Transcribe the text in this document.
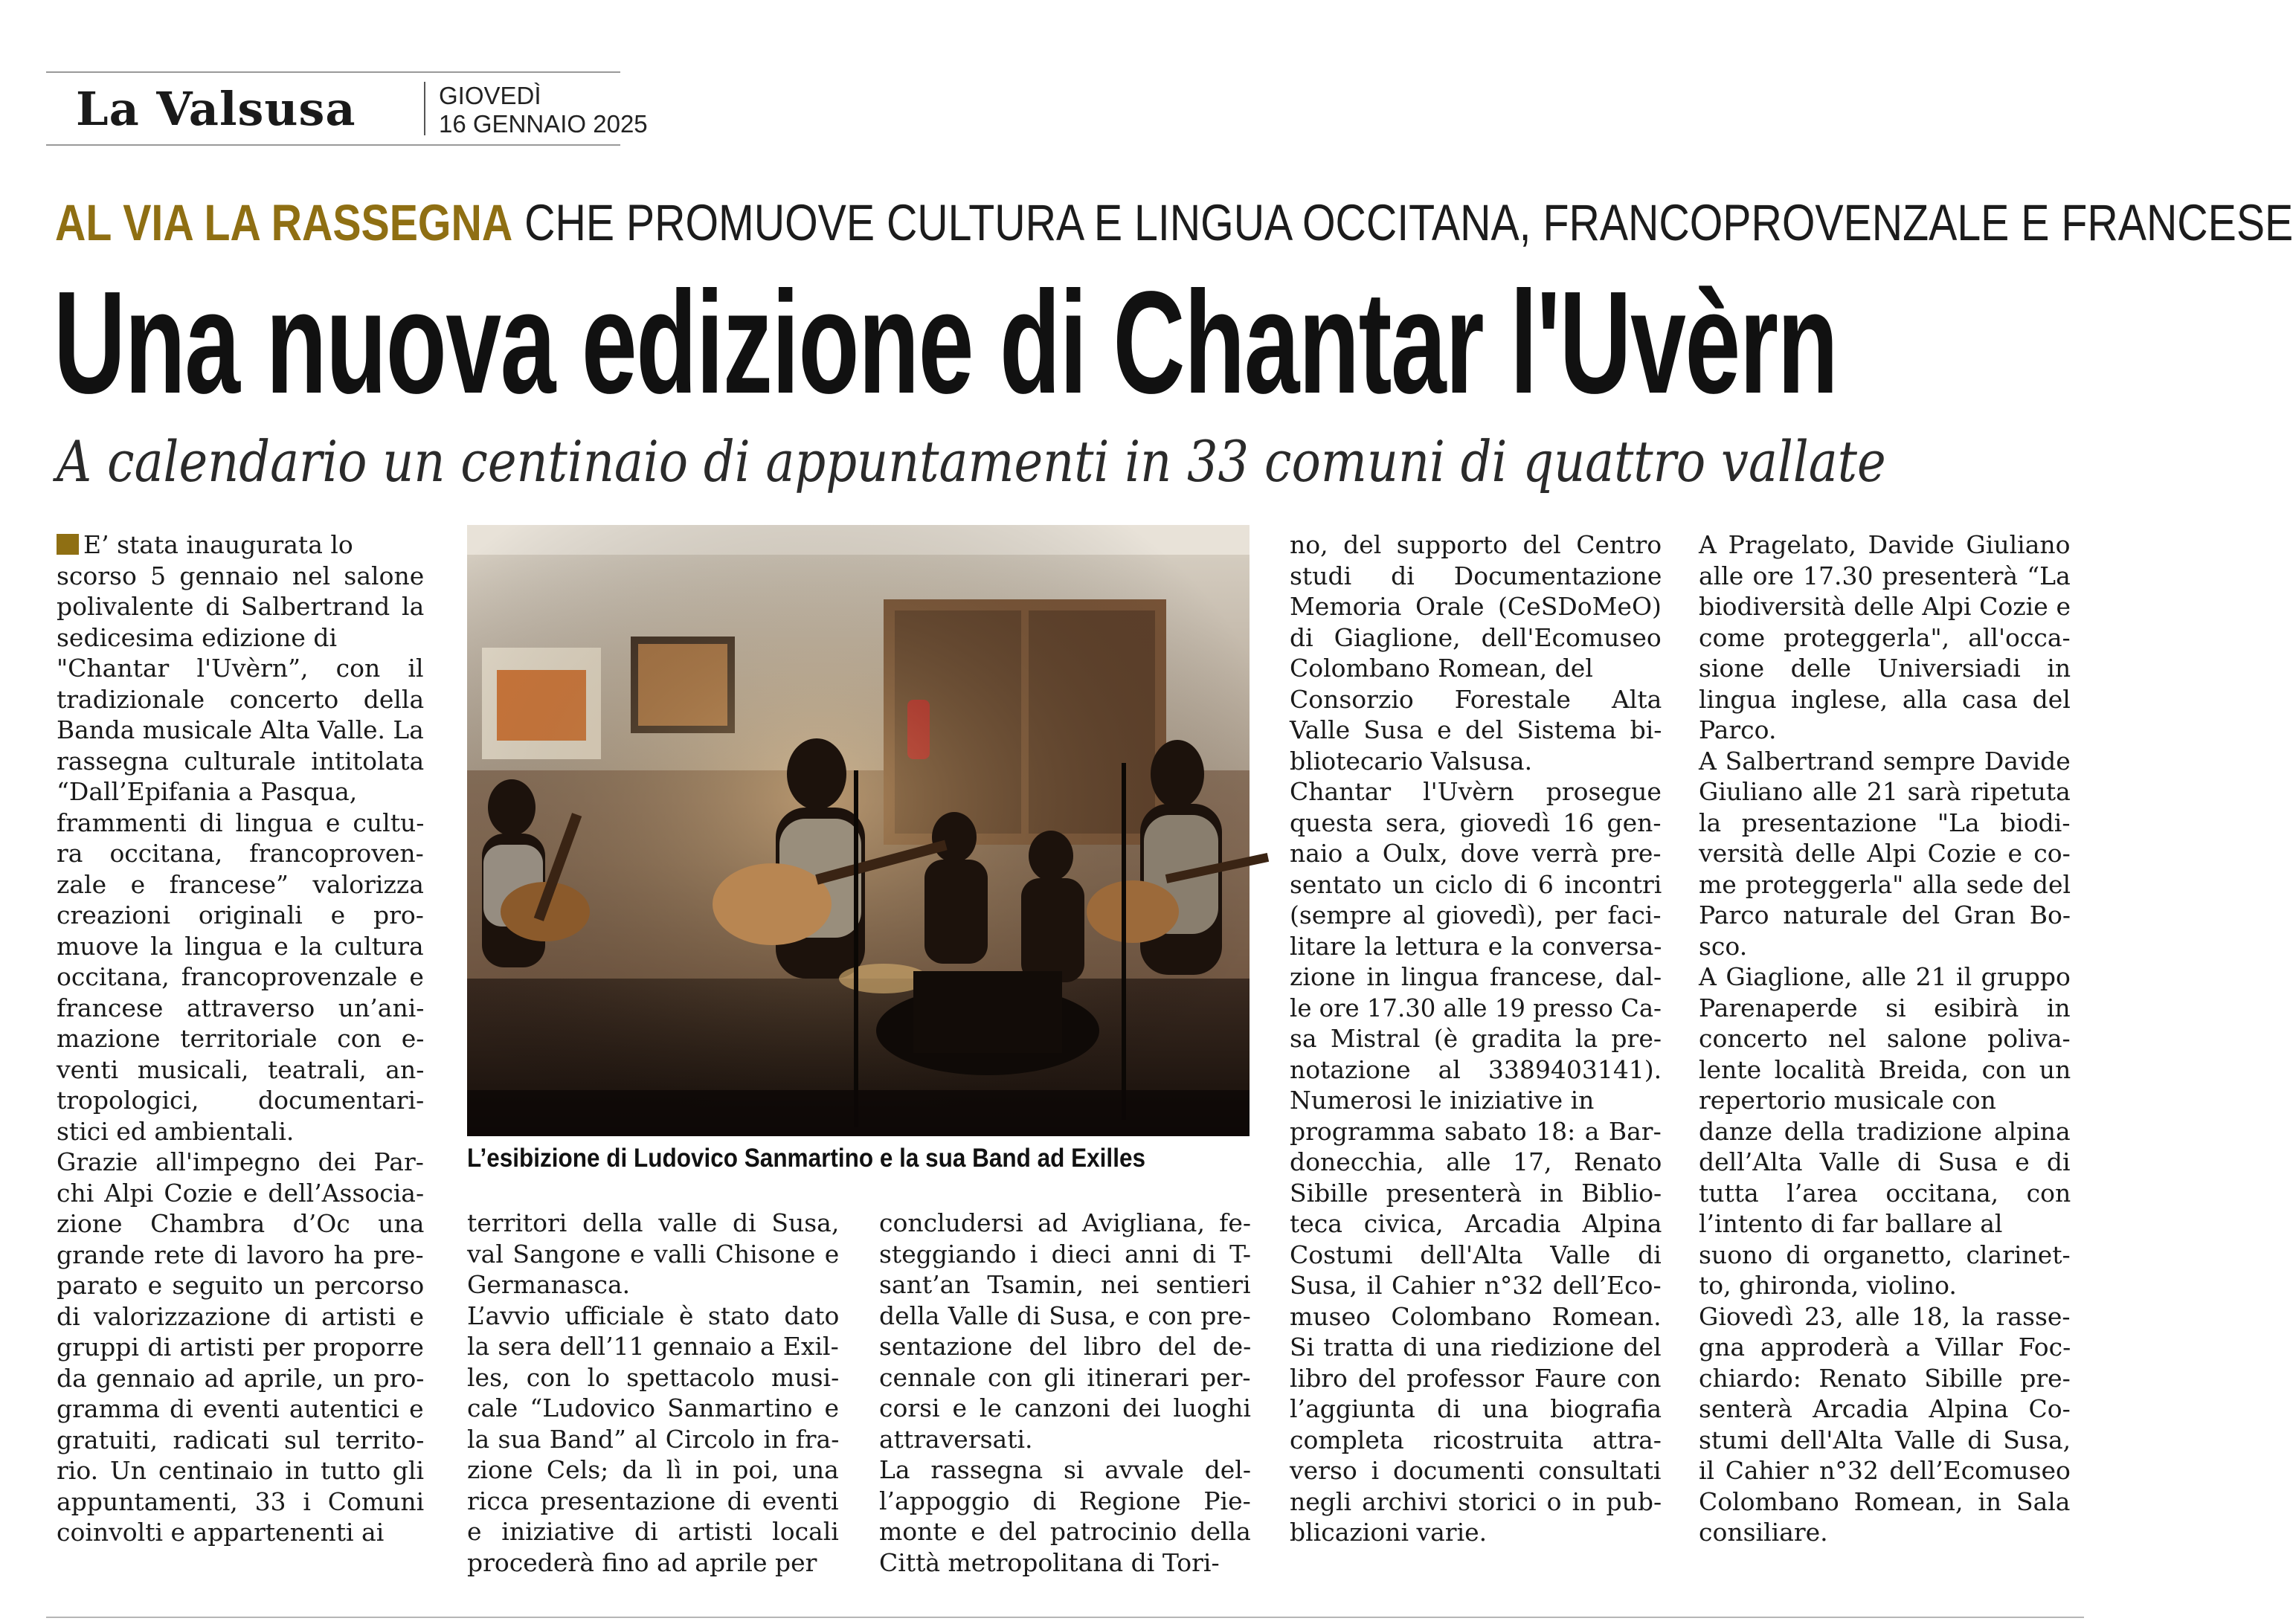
La Valsusa	GIOVEDÌ
16 GENNAIO 2025
AL VIA LA RASSEGNA CHE PROMUOVE CULTURA E LINGUA OCCITANA, FRANCOPROVENZALE E FRANCESE
Una nuova edizione di Chantar l'Uvèrn
A calendario un centinaio di appuntamenti in 33 comuni di quattro vallate

E’ stata inaugurata lo

scorso 5 gennaio nel salone

polivalente di Salbertrand la

sedicesima edizione di

"Chantar l'Uvèrn”, con il

tradizionale concerto della

Banda musicale Alta Valle. La

rassegna culturale intitolata

“Dall’Epifania a Pasqua,

frammenti di lingua e cultu-

ra occitana, francoproven-

zale e francese” valorizza

creazioni originali e pro-

muove la lingua e la cultura

occitana, francoprovenzale e

francese attraverso un’ani-

mazione territoriale con e-

venti musicali, teatrali, an-

tropologici, documentari-

stici ed ambientali.

Grazie all'impegno dei Par-

chi Alpi Cozie e dell’Associa-

zione Chambra d’Oc una

grande rete di lavoro ha pre-

parato e seguito un percorso

di valorizzazione di artisti e

gruppi di artisti per proporre

da gennaio ad aprile, un pro-

gramma di eventi autentici e

gratuiti, radicati sul territo-

rio. Un centinaio in tutto gli

appuntamenti, 33 i Comuni

coinvolti e appartenenti ai

L’esibizione di Ludovico Sanmartino e la sua Band ad Exilles

territori della valle di Susa,

val Sangone e valli Chisone e

Germanasca.

L’avvio ufficiale è stato dato

la sera dell’11 gennaio a Exil-

les, con lo spettacolo musi-

cale “Ludovico Sanmartino e

la sua Band” al Circolo in fra-

zione Cels; da lì in poi, una

ricca presentazione di eventi

e iniziative di artisti locali

procederà fino ad aprile per

concludersi ad Avigliana, fe-

steggiando i dieci anni di T-

sant’an Tsamin, nei sentieri

della Valle di Susa, e con pre-

sentazione del libro del de-

cennale con gli itinerari per-

corsi e le canzoni dei luoghi

attraversati.

La rassegna si avvale del-

l’appoggio di Regione Pie-

monte e del patrocinio della

Città metropolitana di Tori-

no, del supporto del Centro

studi di Documentazione

Memoria Orale (CeSDoMeO)

di Giaglione, dell'Ecomuseo

Colombano Romean, del

Consorzio Forestale Alta

Valle Susa e del Sistema bi-

bliotecario Valsusa.

Chantar l'Uvèrn prosegue

questa sera, giovedì 16 gen-

naio a Oulx, dove verrà pre-

sentato un ciclo di 6 incontri

(sempre al giovedì), per faci-

litare la lettura e la conversa-

zione in lingua francese, dal-

le ore 17.30 alle 19 presso Ca-

sa Mistral (è gradita la pre-

notazione al 3389403141).

Numerosi le iniziative in

programma sabato 18: a Bar-

donecchia, alle 17, Renato

Sibille presenterà in Biblio-

teca civica, Arcadia Alpina

Costumi dell'Alta Valle di

Susa, il Cahier n°32 dell’Eco-

museo Colombano Romean.

Si tratta di una riedizione del

libro del professor Faure con

l’aggiunta di una biografia

completa ricostruita attra-

verso i documenti consultati

negli archivi storici o in pub-

blicazioni varie.

A Pragelato, Davide Giuliano

alle ore 17.30 presenterà “La

biodiversità delle Alpi Cozie e

come proteggerla", all'occa-

sione delle Universiadi in

lingua inglese, alla casa del

Parco.

A Salbertrand sempre Davide

Giuliano alle 21 sarà ripetuta

la presentazione "La biodi-

versità delle Alpi Cozie e co-

me proteggerla" alla sede del

Parco naturale del Gran Bo-

sco.

A Giaglione, alle 21 il gruppo

Parenaperde si esibirà in

concerto nel salone poliva-

lente località Breida, con un

repertorio musicale con

danze della tradizione alpina

dell’Alta Valle di Susa e di

tutta l’area occitana, con

l’intento di far ballare al

suono di organetto, clarinet-

to, ghironda, violino.

Giovedì 23, alle 18, la rasse-

gna approderà a Villar Foc-

chiardo: Renato Sibille pre-

senterà Arcadia Alpina Co-

stumi dell'Alta Valle di Susa,

il Cahier n°32 dell’Ecomuseo

Colombano Romean, in Sala

consiliare.
